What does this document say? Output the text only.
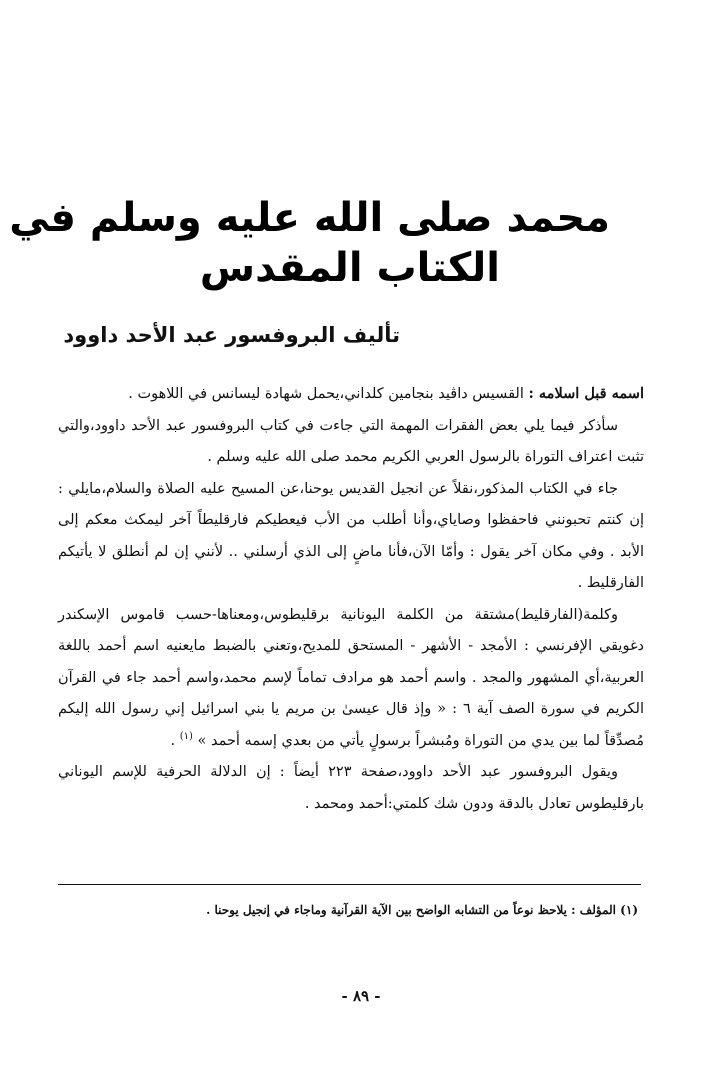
محمد صلى الله عليه وسلم في
الكتاب المقدس
تأليف البروفسور عبد الأحد داوود

اسمه قبل اسلامه : القسيس داڤيد بنجامين كلداني،يحمل شهادة ليسانس في اللاهوت .

سأذكر فيما يلي بعض الفقرات المهمة التي جاءت في كتاب البروفسور عبد الأحد داوود،والتي تثبت اعتراف التوراة بالرسول العربي الكريم محمد صلى الله عليه وسلم .

جاء في الكتاب المذكور،نقلاً عن انجيل القديس يوحنا،عن المسيح عليه الصلاة والسلام،مايلي : إن كنتم تحبونني فاحفظوا وصاياي،وأنا أطلب من الأب فيعطيكم فارقليطاً آخر ليمكث معكم إلى الأبد . وفي مكان آخر يقول : وأمّا الآن،فأنا ماضٍ إلى الذي أرسلني .. لأنني إن لم أنطلق لا يأتيكم الفارقليط .

وكلمة(الفارقليط)مشتقة من الكلمة اليونانية برقليطوس،ومعناها-حسب قاموس الإسكندر دغويقي الإفرنسي : الأمجد - الأشهر - المستحق للمديح،وتعني بالضبط مايعنيه اسم أحمد باللغة العربية،أي المشهور والمجد . واسم أحمد هو مرادف تماماً لإسم محمد،واسم أحمد جاء في القرآن الكريم في سورة الصف آية ٦ : « وإذ قال عيسىٰ بن مريم يا بني اسرائيل إني رسول الله إليكم مُصدِّقاً لما بين يدي من التوراة ومُبشراً برسولٍ يأتي من بعدي إسمه أحمد » $^{(١)}$ .

ويقول البروفسور عبد الأحد داوود،صفحة ٢٢٣ أيضاً : إن الدلالة الحرفية للإسم اليوناني بارقليطوس تعادل بالدقة ودون شك كلمتي:أحمد ومحمد .

(١) المؤلف : يلاحظ نوعاً من التشابه الواضح بين الآية القرآنية وماجاء في إنجيل يوحنا .
- ٨٩ -
